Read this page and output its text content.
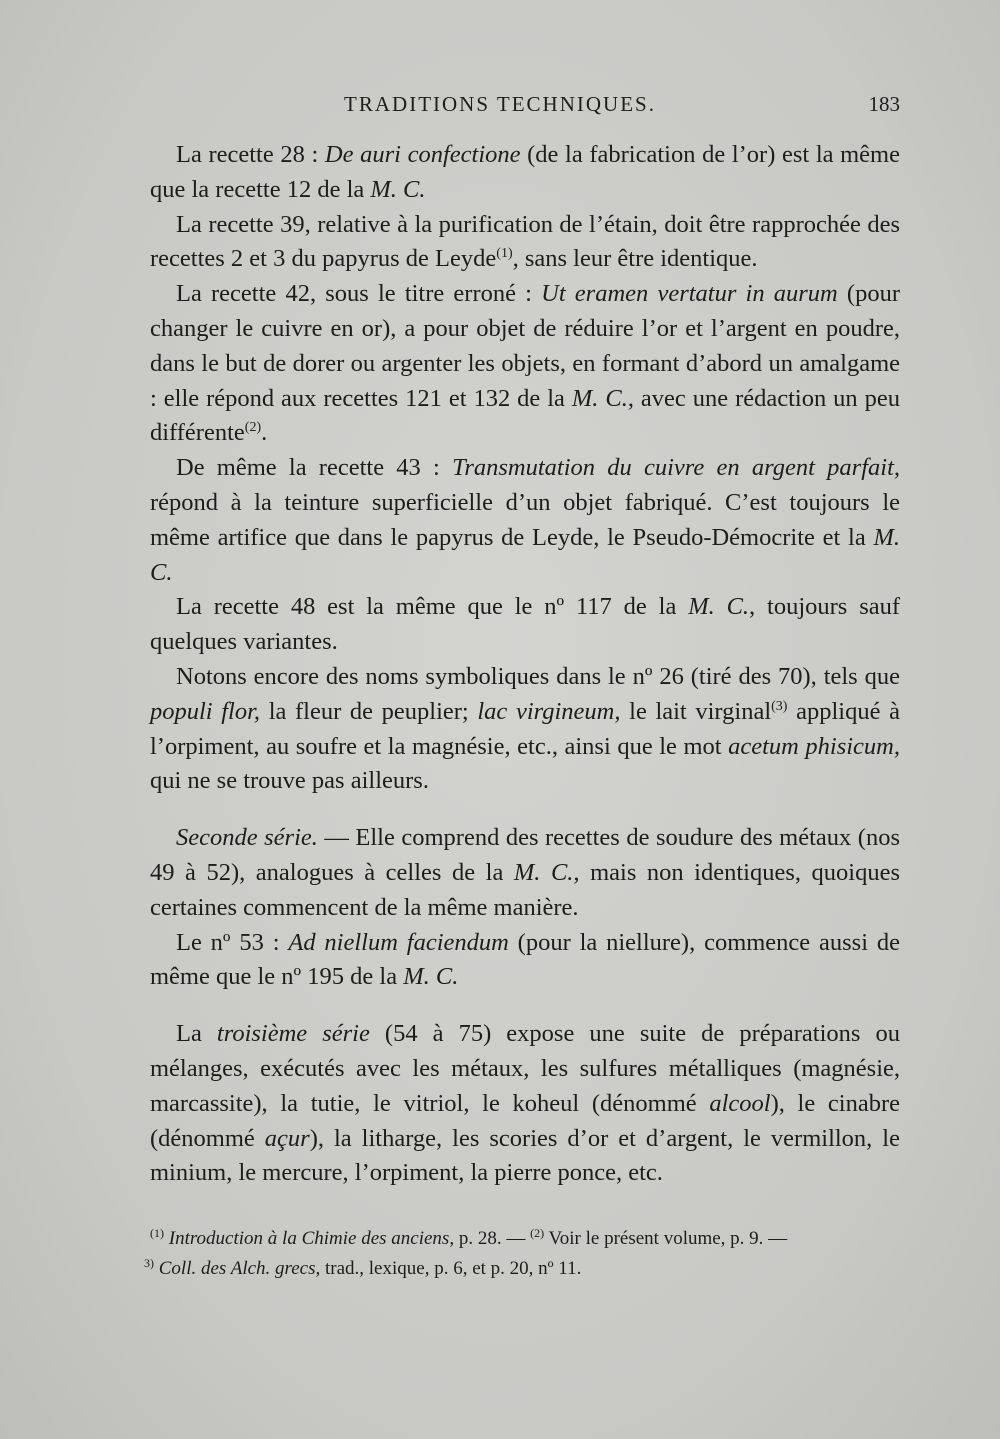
TRADITIONS TECHNIQUES.	183

La recette 28 : De auri confectione (de la fabrication de l’or) est la même que la recette 12 de la M. C.

La recette 39, relative à la purification de l’étain, doit être rapprochée des recettes 2 et 3 du papyrus de Leyde$^{(1)}$, sans leur être identique.

La recette 42, sous le titre erroné : Ut eramen vertatur in aurum (pour changer le cuivre en or), a pour objet de réduire l’or et l’argent en poudre, dans le but de dorer ou argenter les objets, en formant d’abord un amalgame : elle répond aux recettes 121 et 132 de la M. C., avec une rédaction un peu différente$^{(2)}$.

De même la recette 43 : Transmutation du cuivre en argent parfait, répond à la teinture superficielle d’un objet fabriqué. C’est toujours le même artifice que dans le papyrus de Leyde, le Pseudo-Démocrite et la M. C.

La recette 48 est la même que le nº 117 de la M. C., toujours sauf quelques variantes.

Notons encore des noms symboliques dans le nº 26 (tiré des 70), tels que populi flor, la fleur de peuplier; lac virgineum, le lait virginal$^{(3)}$ appliqué à l’orpiment, au soufre et la magnésie, etc., ainsi que le mot acetum phisicum, qui ne se trouve pas ailleurs.

Seconde série. — Elle comprend des recettes de soudure des métaux (nos 49 à 52), analogues à celles de la M. C., mais non identiques, quoiques certaines commencent de la même manière.

Le nº 53 : Ad niellum faciendum (pour la niellure), commence aussi de même que le nº 195 de la M. C.

La troisième série (54 à 75) expose une suite de préparations ou mélanges, exécutés avec les métaux, les sulfures métalliques (magnésie, marcassite), la tutie, le vitriol, le koheul (dénommé alcool), le cinabre (dénommé açur), la litharge, les scories d’or et d’argent, le vermillon, le minium, le mercure, l’orpiment, la pierre ponce, etc.

$^{(1)}$ Introduction à la Chimie des anciens, p. 28. — $^{(2)}$ Voir le présent volume, p. 9. —

$^{3)}$ Coll. des Alch. grecs, trad., lexique, p. 6, et p. 20, nº 11.
